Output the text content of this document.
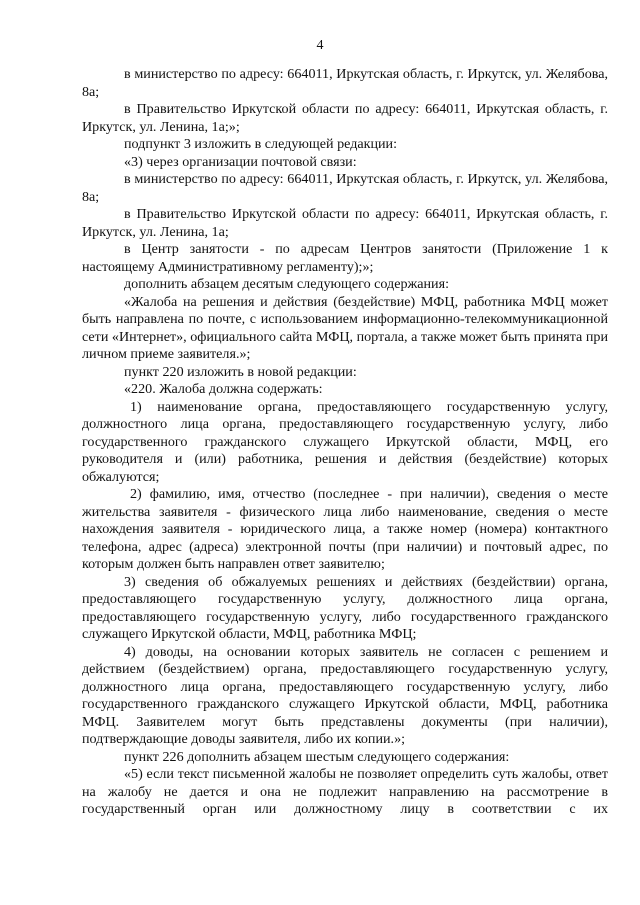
4

в министерство по адресу: 664011, Иркутская область, г. Иркутск, ул. Желябова, 8а;

в Правительство Иркутской области по адресу: 664011, Иркутская область, г. Иркутск, ул. Ленина, 1а;»;

подпункт 3 изложить в следующей редакции:

«3) через организации почтовой связи:

в министерство по адресу: 664011, Иркутская область, г. Иркутск, ул. Желябова, 8а;

в Правительство Иркутской области по адресу: 664011, Иркутская область, г. Иркутск, ул. Ленина, 1а;

в Центр занятости - по адресам Центров занятости (Приложение 1 к настоящему Административному регламенту);»;

дополнить абзацем десятым следующего содержания:

«Жалоба на решения и действия (бездействие) МФЦ, работника МФЦ может быть направлена по почте, с использованием информационно-телекоммуникационной сети «Интернет», официального сайта МФЦ, портала, а также может быть принята при личном приеме заявителя.»;

пункт 220 изложить в новой редакции:

«220. Жалоба должна содержать:

1) наименование органа, предоставляющего государственную услугу, должностного лица органа, предоставляющего государственную услугу, либо государственного гражданского служащего Иркутской области, МФЦ, его руководителя и (или) работника, решения и действия (бездействие) которых обжалуются;

2) фамилию, имя, отчество (последнее - при наличии), сведения о месте жительства заявителя - физического лица либо наименование, сведения о месте нахождения заявителя - юридического лица, а также номер (номера) контактного телефона, адрес (адреса) электронной почты (при наличии) и почтовый адрес, по которым должен быть направлен ответ заявителю;

3) сведения об обжалуемых решениях и действиях (бездействии) органа, предоставляющего государственную услугу, должностного лица органа, предоставляющего государственную услугу, либо государственного гражданского служащего Иркутской области, МФЦ, работника МФЦ;

4) доводы, на основании которых заявитель не согласен с решением и действием (бездействием) органа, предоставляющего государственную услугу, должностного лица органа, предоставляющего государственную услугу, либо государственного гражданского служащего Иркутской области, МФЦ, работника МФЦ. Заявителем могут быть представлены документы (при наличии), подтверждающие доводы заявителя, либо их копии.»;

пункт 226 дополнить абзацем шестым следующего содержания:

«5) если текст письменной жалобы не позволяет определить суть жалобы, ответ на жалобу не дается и она не подлежит направлению на рассмотрение в государственный орган или должностному лицу в соответствии с их
